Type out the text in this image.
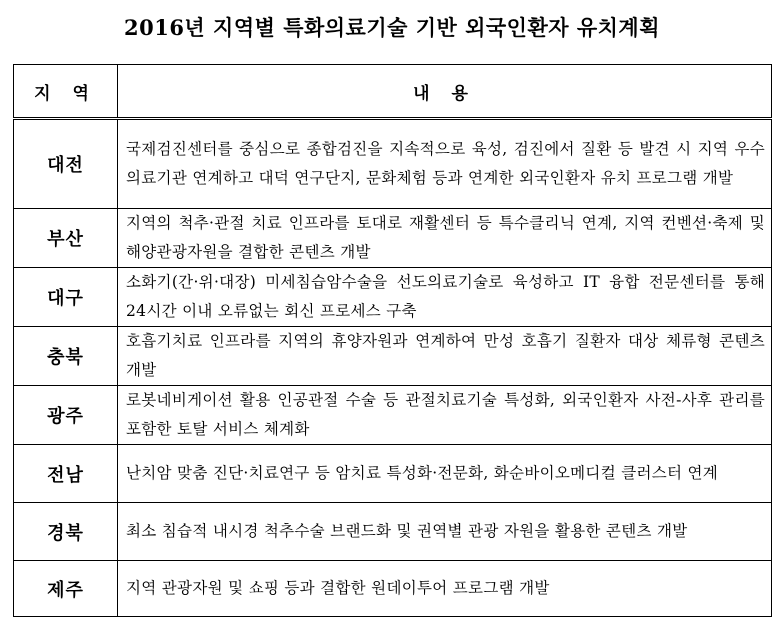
2016년 지역별 특화의료기술 기반 외국인환자 유치계획
지 역	내 용
대전	국제검진센터를 중심으로 종합검진을 지속적으로 육성, 검진에서 질환 등 발견 시 지역 우수 의료기관 연계하고 대덕 연구단지, 문화체험 등과 연계한 외국인환자 유치 프로그램 개발
부산	지역의 척추·관절 치료 인프라를 토대로 재활센터 등 특수클리닉 연계, 지역 컨벤션·축제 및 해양관광자원을 결합한 콘텐츠 개발
대구	소화기(간·위·대장) 미세침습암수술을 선도의료기술로 육성하고 IT 융합 전문센터를 통해 24시간 이내 오류없는 회신 프로세스 구축
충북	호흡기치료 인프라를 지역의 휴양자원과 연계하여 만성 호흡기 질환자 대상 체류형 콘텐츠 개발
광주	로봇네비게이션 활용 인공관절 수술 등 관절치료기술 특성화, 외국인환자 사전-사후 관리를 포함한 토탈 서비스 체계화
전남	난치암 맞춤 진단·치료연구 등 암치료 특성화·전문화, 화순바이오메디컬 클러스터 연계
경북	최소 침습적 내시경 척추수술 브랜드화 및 권역별 관광 자원을 활용한 콘텐츠 개발
제주	지역 관광자원 및 쇼핑 등과 결합한 원데이투어 프로그램 개발
